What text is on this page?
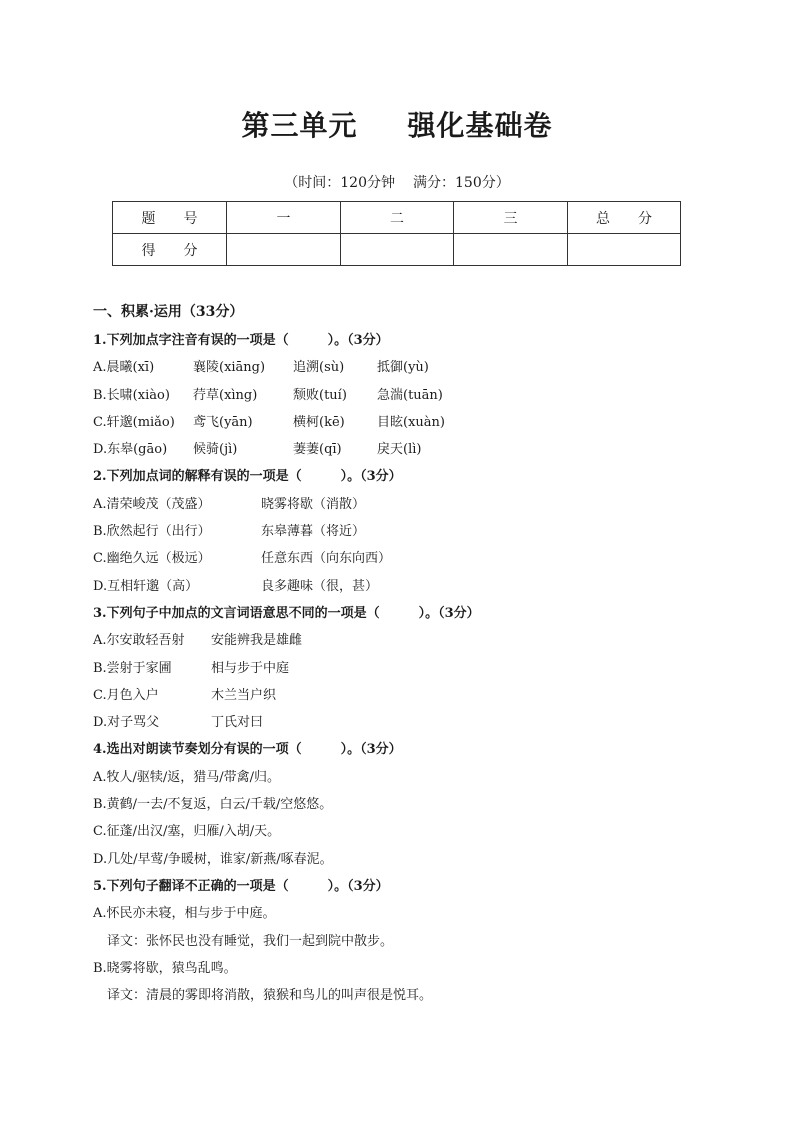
第三单元 强化基础卷
（时间：120分钟 满分：150分）
题　　号	一	二	三	总　　分
得　　分				
一、积累·运用（33分）
1.下列加点字注音有误的一项是（　　　）。（3分）
A.晨曦(xī)	襄陵(xiāng) 追溯(sù)	抵御(yù)
B.长啸(xiào) 荇草(xìng)	颓败(tuí) 急湍(tuān)
C.轩邈(miǎo) 鸢飞(yān)	横柯(kē) 目眩(xuàn)
D.东皋(gāo) 候骑(jì)	萋萋(qī)	戾天(lì)
2.下列加点词的解释有误的一项是（　　　）。（3分）
A.清荣峻茂（茂盛）	晓雾将歇（消散）
B.欣然起行（出行）	东皋薄暮（将近）
C.幽绝久远（极远）	任意东西（向东向西）
D.互相轩邈（高）	良多趣味（很，甚）
3.下列句子中加点的文言词语意思不同的一项是（　　　）。（3分）
A.尔安敢轻吾射 安能辨我是雄雌
B.尝射于家圃	相与步于中庭
C.月色入户	木兰当户织
D.对子骂父	丁氏对曰
4.选出对朗读节奏划分有误的一项（　　　）。（3分）
A.牧人/驱犊/返，猎马/带禽/归。
B.黄鹤/一去/不复返，白云/千载/空悠悠。
C.征蓬/出汉/塞，归雁/入胡/天。
D.几处/早莺/争暖树，谁家/新燕/啄春泥。
5.下列句子翻译不正确的一项是（　　　）。（3分）
A.怀民亦未寝，相与步于中庭。
译文：张怀民也没有睡觉，我们一起到院中散步。
B.晓雾将歇，猿鸟乱鸣。
译文：清晨的雾即将消散，猿猴和鸟儿的叫声很是悦耳。
